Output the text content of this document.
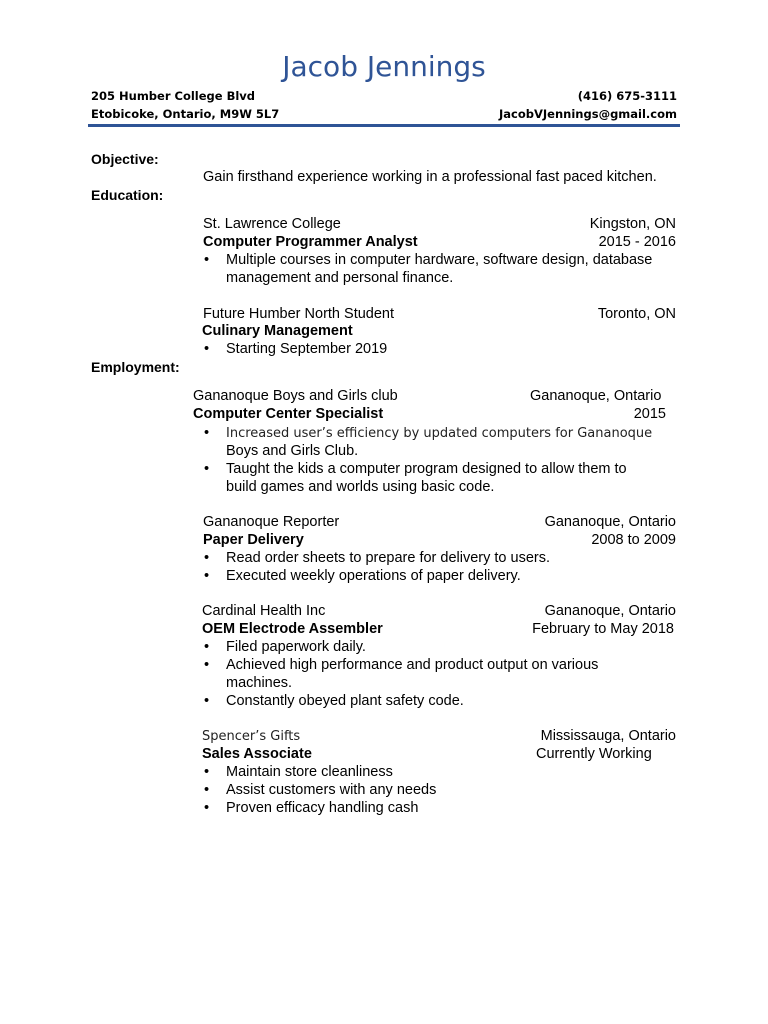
Jacob Jennings
205 Humber College Blvd
Etobicoke, Ontario, M9W 5L7
(416) 675-3111
JacobVJennings@gmail.com
Objective:
Gain firsthand experience working in a professional fast paced kitchen.
Education:
St. Lawrence College	Kingston, ON
Computer Programmer Analyst	2015 - 2016
• Multiple courses in computer hardware, software design, database
management and personal finance.
Future Humber North Student	Toronto, ON
Culinary Management
• Starting September 2019
Employment:
Gananoque Boys and Girls club	Gananoque, Ontario
Computer Center Specialist	2015
• Increased user’s efficiency by updated computers for Gananoque
Boys and Girls Club.
• Taught the kids a computer program designed to allow them to
build games and worlds using basic code.
Gananoque Reporter	Gananoque, Ontario
Paper Delivery	2008 to 2009
• Read order sheets to prepare for delivery to users.
• Executed weekly operations of paper delivery.
Cardinal Health Inc	Gananoque, Ontario
OEM Electrode Assembler	February to May 2018
• Filed paperwork daily.
• Achieved high performance and product output on various
machines.
• Constantly obeyed plant safety code.
Spencer’s Gifts	Mississauga, Ontario
Sales Associate	Currently Working
• Maintain store cleanliness
• Assist customers with any needs
• Proven efficacy handling cash
